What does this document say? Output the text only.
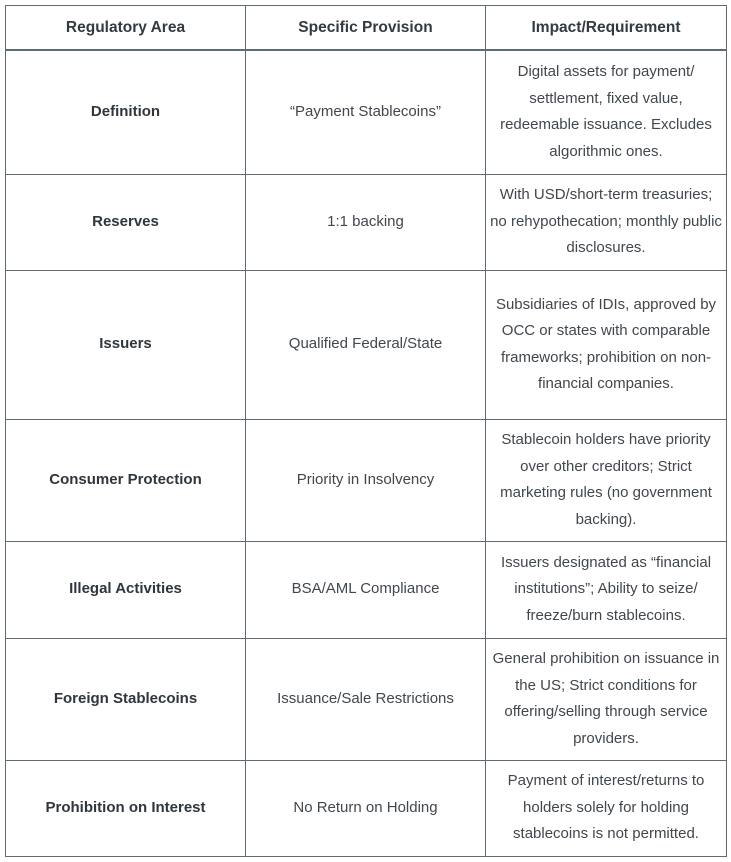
Regulatory Area	Specific Provision	Impact/Requirement
Definition	“Payment Stablecoins”	Digital assets for payment/ settlement, fixed value, redeemable issuance. Excludes algorithmic ones.
Reserves	1:1 backing	With USD/short-term treasuries; no rehypothecation; monthly public disclosures.
Issuers	Qualified Federal/State	Subsidiaries of IDIs, approved by OCC or states with comparable frameworks; prohibition on non-financial companies.
Consumer Protection	Priority in Insolvency	Stablecoin holders have priority over other creditors; Strict marketing rules (no government backing).
Illegal Activities	BSA/AML Compliance	Issuers designated as “financial institutions”; Ability to seize/ freeze/burn stablecoins.
Foreign Stablecoins	Issuance/Sale Restrictions	General prohibition on issuance in the US; Strict conditions for offering/selling through service providers.
Prohibition on Interest	No Return on Holding	Payment of interest/returns to holders solely for holding stablecoins is not permitted.
